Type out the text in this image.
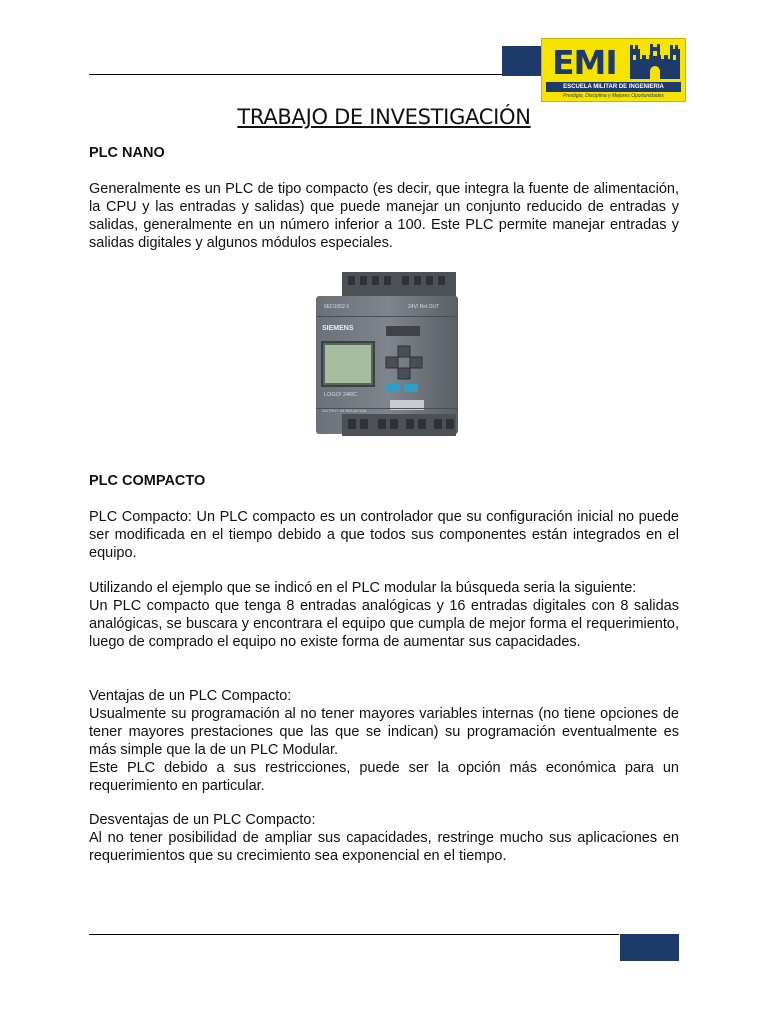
EMI
ESCUELA MILITAR DE INGENIERIA
Prestigio, Disciplina y Mejores Oportunidades
TRABAJO DE INVESTIGACIÓN
PLC NANO

Generalmente es un PLC de tipo compacto (es decir, que integra la fuente de alimentación, la CPU y las entradas y salidas) que puede manejar un conjunto reducido de entradas y salidas, generalmente en un número inferior a 100. Este PLC permite manejar entradas y salidas digitales y algunos módulos especiales.

6ED1052-1	24V/ Rel.OUT
SIEMENS
LOGO! 24RC
OUTPUT 4X RELAY/10A
PLC COMPACTO

PLC Compacto: Un PLC compacto es un controlador que su configuración inicial no puede ser modificada en el tiempo debido a que todos sus componentes están integrados en el equipo.

Utilizando el ejemplo que se indicó en el PLC modular la búsqueda seria la siguiente:

Un PLC compacto que tenga 8 entradas analógicas y 16 entradas digitales con 8 salidas analógicas, se buscara y encontrara el equipo que cumpla de mejor forma el requerimiento, luego de comprado el equipo no existe forma de aumentar sus capacidades.

Ventajas de un PLC Compacto:

Usualmente su programación al no tener mayores variables internas (no tiene opciones de tener mayores prestaciones que las que se indican) su programación eventualmente es más simple que la de un PLC Modular.

Este PLC debido a sus restricciones, puede ser la opción más económica para un requerimiento en particular.

Desventajas de un PLC Compacto:

Al no tener posibilidad de ampliar sus capacidades, restringe mucho sus aplicaciones en requerimientos que su crecimiento sea exponencial en el tiempo.
